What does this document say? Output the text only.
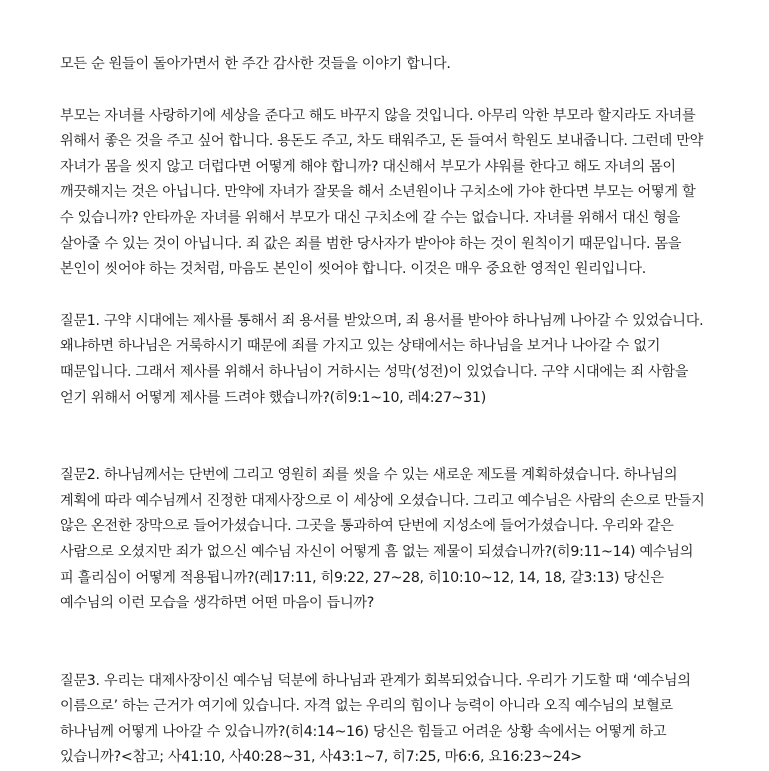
모든 순 원들이 돌아가면서 한 주간 감사한 것들을 이야기 합니다.

부모는 자녀를 사랑하기에 세상을 준다고 해도 바꾸지 않을 것입니다. 아무리 악한 부모라 할지라도 자녀를 위해서 좋은 것을 주고 싶어 합니다. 용돈도 주고, 차도 태워주고, 돈 들여서 학원도 보내줍니다. 그런데 만약 자녀가 몸을 씻지 않고 더럽다면 어떻게 해야 합니까? 대신해서 부모가 샤워를 한다고 해도 자녀의 몸이 깨끗해지는 것은 아닙니다. 만약에 자녀가 잘못을 해서 소년원이나 구치소에 가야 한다면 부모는 어떻게 할 수 있습니까? 안타까운 자녀를 위해서 부모가 대신 구치소에 갈 수는 없습니다. 자녀를 위해서 대신 형을 살아줄 수 있는 것이 아닙니다. 죄 값은 죄를 범한 당사자가 받아야 하는 것이 원칙이기 때문입니다. 몸을 본인이 씻어야 하는 것처럼, 마음도 본인이 씻어야 합니다. 이것은 매우 중요한 영적인 원리입니다.

질문1. 구약 시대에는 제사를 통해서 죄 용서를 받았으며, 죄 용서를 받아야 하나님께 나아갈 수 있었습니다. 왜냐하면 하나님은 거룩하시기 때문에 죄를 가지고 있는 상태에서는 하나님을 보거나 나아갈 수 없기 때문입니다. 그래서 제사를 위해서 하나님이 거하시는 성막(성전)이 있었습니다. 구약 시대에는 죄 사함을 얻기 위해서 어떻게 제사를 드려야 했습니까?(히9:1~10, 레4:27~31)

질문2. 하나님께서는 단번에 그리고 영원히 죄를 씻을 수 있는 새로운 제도를 계획하셨습니다. 하나님의 계획에 따라 예수님께서 진정한 대제사장으로 이 세상에 오셨습니다. 그리고 예수님은 사람의 손으로 만들지 않은 온전한 장막으로 들어가셨습니다. 그곳을 통과하여 단번에 지성소에 들어가셨습니다. 우리와 같은 사람으로 오셨지만 죄가 없으신 예수님 자신이 어떻게 흠 없는 제물이 되셨습니까?(히9:11~14) 예수님의 피 흘리심이 어떻게 적용됩니까?(레17:11, 히9:22, 27~28, 히10:10~12, 14, 18, 갈3:13) 당신은 예수님의 이런 모습을 생각하면 어떤 마음이 듭니까?

질문3. 우리는 대제사장이신 예수님 덕분에 하나님과 관계가 회복되었습니다. 우리가 기도할 때 ‘예수님의 이름으로’ 하는 근거가 여기에 있습니다. 자격 없는 우리의 힘이나 능력이 아니라 오직 예수님의 보혈로 하나님께 어떻게 나아갈 수 있습니까?(히4:14~16) 당신은 힘들고 어려운 상황 속에서는 어떻게 하고 있습니까?<참고; 사41:10, 사40:28~31, 사43:1~7, 히7:25, 마6:6, 요16:23~24>
